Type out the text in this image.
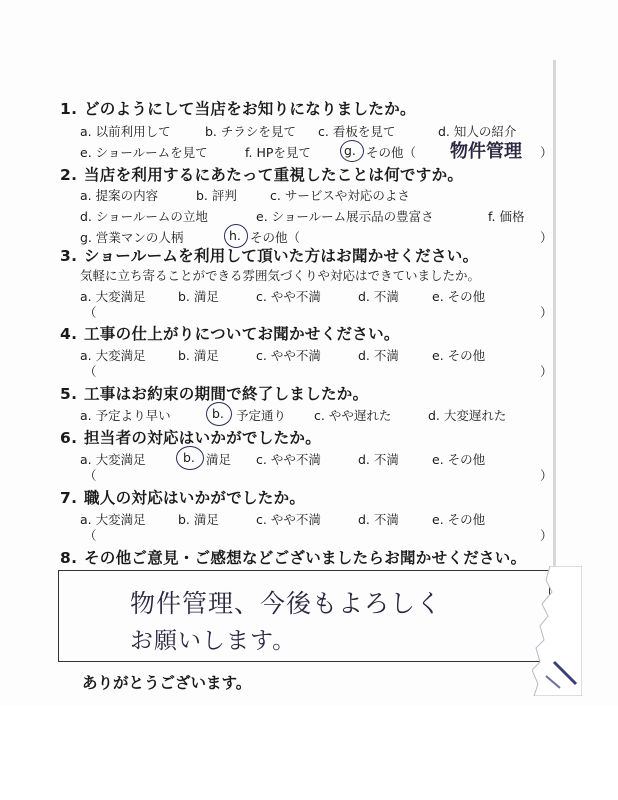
1. どのようにして当店をお知りになりましたか。
a. 以前利用して	b. チラシを見て c. 看板を見て	d. 知人の紹介
e. ショールームを見て	f. HPを見て	g. その他（ 物件管理 ）
2. 当店を利用するにあたって重視したことは何ですか。
a. 提案の内容	b. 評判	c. サービスや対応のよさ
d. ショールームの立地	e. ショールーム展示品の豊富さ	f. 価格
g. 営業マンの人柄	h. その他（	）
3. ショールームを利用して頂いた方はお聞かせください。
気軽に立ち寄ることができる雰囲気づくりや対応はできていましたか。
a. 大変満足	b. 満足	c. やや不満	d. 不満	e. その他
（	）
4. 工事の仕上がりについてお聞かせください。
a. 大変満足	b. 満足	c. やや不満	d. 不満	e. その他
（	）
5. 工事はお約束の期間で終了しましたか。
a. 予定より早い	b. 予定通り c. やや遅れた	d. 大変遅れた
6. 担当者の対応はいかがでしたか。
a. 大変満足	b. 満足 c. やや不満	d. 不満	e. その他
（	）
7. 職人の対応はいかがでしたか。
a. 大変満足	b. 満足	c. やや不満	d. 不満	e. その他
（	）
8. その他ご意見・ご感想などございましたらお聞かせください。
物件管理、今後もよろしく
お願いします。
ありがとうございます。
